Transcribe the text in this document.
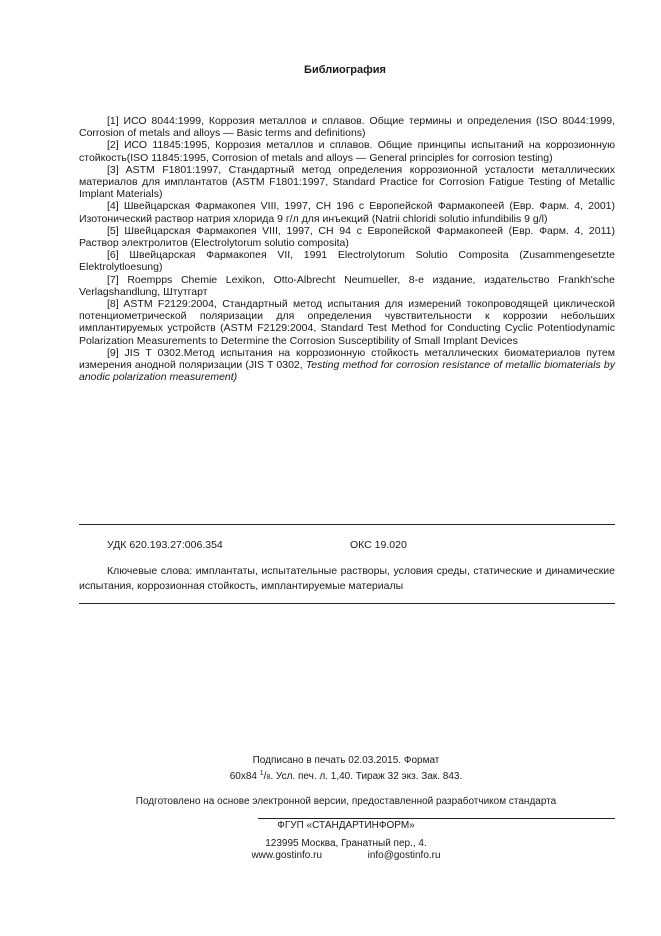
Библиография

[1] ИСО 8044:1999, Коррозия металлов и сплавов. Общие термины и определения (ISO 8044:1999, Corrosion of metals and alloys — Basic terms and definitions)

[2] ИСО 11845:1995, Коррозия металлов и сплавов. Общие принципы испытаний на коррозионную стойкость(ISO 11845:1995, Corrosion of metals and alloys — General principles for corrosion testing)

[3] ASTM F1801:1997, Стандартный метод определения коррозионной усталости металлических материалов для имплантатов (ASTM F1801:1997, Standard Practice for Corrosion Fatigue Testing of Metallic Implant Materials)

[4] Швейцарская Фармакопея VIII, 1997, СН 196 с Европейской Фармакопеей (Евр. Фарм. 4, 2001) Изотонический раствор натрия хлорида 9 г/л для инъекций (Natrii chloridi solutio infundibilis 9 g/l)

[5] Швейцарская Фармакопея VIII, 1997, СН 94 с Европейской Фармакопеей (Евр. Фарм. 4, 2011) Раствор электролитов (Electrolytorum solutio composita)

[6] Швейцарская Фармакопея VII, 1991 Electrolytorum Solutio Composita (Zusammengesetzte Elektrolytloesung)

[7] Roempps Chemie Lexikon, Otto-Albrecht Neumueller, 8-е издание, издательство Frankh'sche Verlagshandlung, Штутгарт

[8] ASTM F2129:2004, Стандартный метод испытания для измерений токопроводящей циклической потенциометрической поляризации для определения чувствительности к коррозии небольших имплантируемых устройств (ASTM F2129:2004, Standard Test Method for Conducting Cyclic Potentiodynamic Polarization Measurements to Determine the Corrosion Susceptibility of Small Implant Devices

[9] JIS T 0302.Метод испытания на коррозионную стойкость металлических биоматериалов путем измерения анодной поляризации (JIS T 0302, Testing method for corrosion resistance of metallic biomaterials by anodic polarization measurement)

УДК 620.193.27:006.354	ОКС 19.020
Ключевые слова: имплантаты, испытательные растворы, условия среды, статические и динамические испытания, коррозионная стойкость, имплантируемые материалы
Подписано в печать 02.03.2015. Формат
60х84 $^1$/8. Усл. печ. л. 1,40. Тираж 32 экз. Зак. 843.
Подготовлено на основе электронной версии, предоставленной разработчиком стандарта
ФГУП «СТАНДАРТИНФОРМ»
123995 Москва, Гранатный пер., 4.
www.gostinfo.ru	info@gostinfo.ru
